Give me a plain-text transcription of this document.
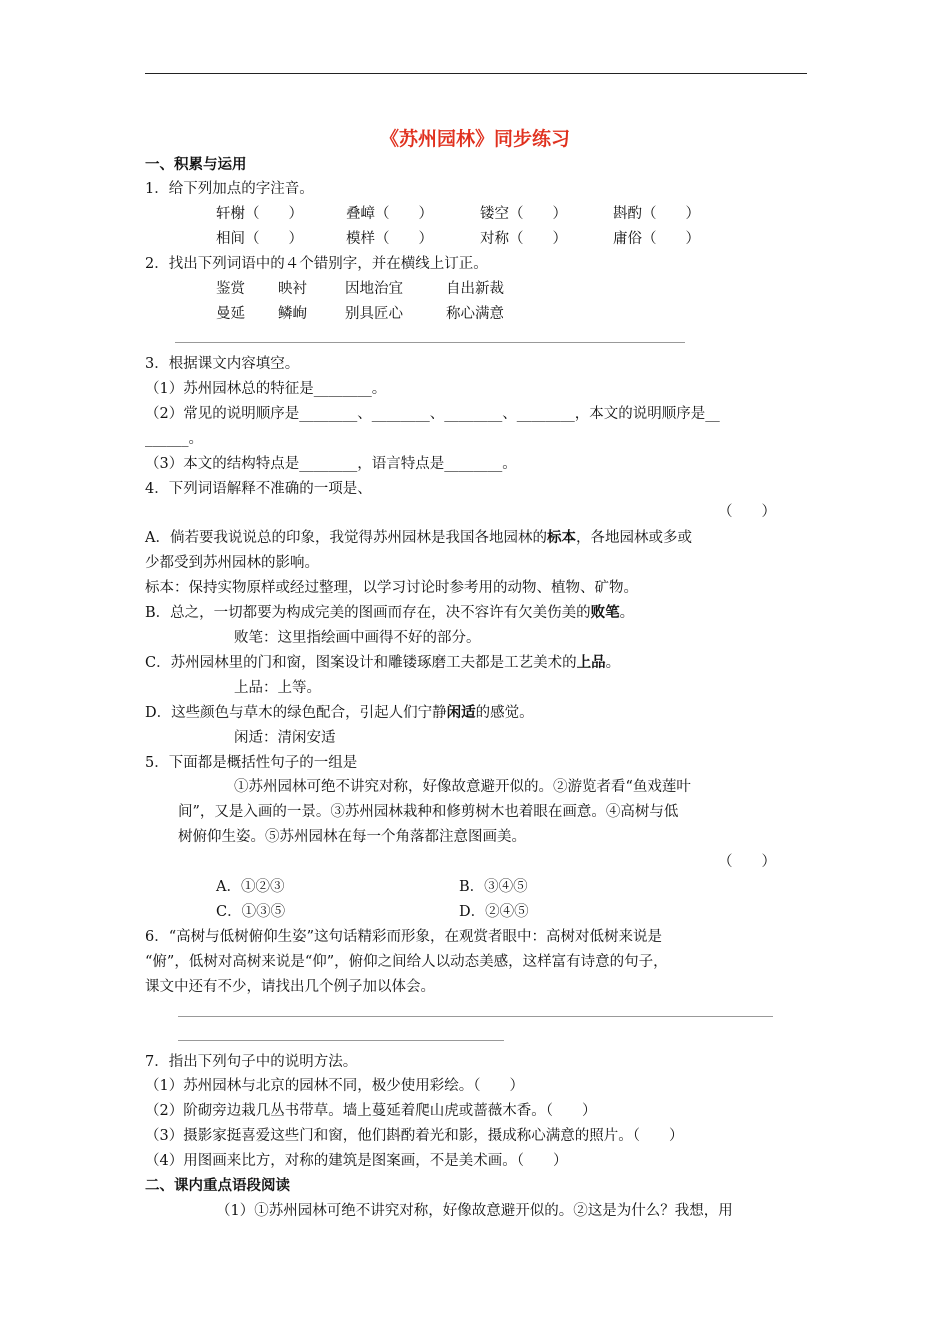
《苏州园林》同步练习
一、积累与运用
1．给下列加点的字注音。
轩榭（　　）	叠嶂（　　）	镂空（　　）	斟酌（　　）
相间（　　）	模样（　　）	对称（　　）	庸俗（　　）
2．找出下列词语中的４个错别字，并在横线上订正。
鉴赏 映衬	因地治宜	自出新裁
曼延 鳞峋	别具匠心	称心满意
3．根据课文内容填空。
（1）苏州园林总的特征是________。
（2）常见的说明顺序是________、________、________、________，本文的说明顺序是__
______。
（3）本文的结构特点是________，语言特点是________。
4．下列词语解释不准确的一项是、
（　　）
A．倘若要我说说总的印象，我觉得苏州园林是我国各地园林的标本，各地园林或多或
少都受到苏州园林的影响。
标本：保持实物原样或经过整理，以学习讨论时参考用的动物、植物、矿物。
B．总之，一切都要为构成完美的图画而存在，决不容许有欠美伤美的败笔。
败笔：这里指绘画中画得不好的部分。
C．苏州园林里的门和窗，图案设计和雕镂琢磨工夫都是工艺美术的上品。
上品：上等。
D．这些颜色与草木的绿色配合，引起人们宁静闲适的感觉。
闲适：清闲安适
5．下面都是概括性句子的一组是
①苏州园林可绝不讲究对称，好像故意避开似的。②游览者看“鱼戏莲叶
间”，又是入画的一景。③苏州园林栽种和修剪树木也着眼在画意。④高树与低
树俯仰生姿。⑤苏州园林在每一个角落都注意图画美。
（　　）
A．①②③	B．③④⑤
C．①③⑤	D．②④⑤
6．“高树与低树俯仰生姿”这句话精彩而形象，在观赏者眼中：高树对低树来说是
“俯”，低树对高树来说是“仰”，俯仰之间给人以动态美感，这样富有诗意的句子，
课文中还有不少，请找出几个例子加以体会。
7．指出下列句子中的说明方法。
（1）苏州园林与北京的园林不同，极少使用彩绘。（　　）
（2）阶砌旁边栽几丛书带草。墙上蔓延着爬山虎或蔷薇木香。（　　）
（3）摄影家挺喜爱这些门和窗，他们斟酌着光和影，摄成称心满意的照片。（　　）
（4）用图画来比方，对称的建筑是图案画，不是美术画。（　　）
二、课内重点语段阅读
（1）①苏州园林可绝不讲究对称，好像故意避开似的。②这是为什么？我想，用
